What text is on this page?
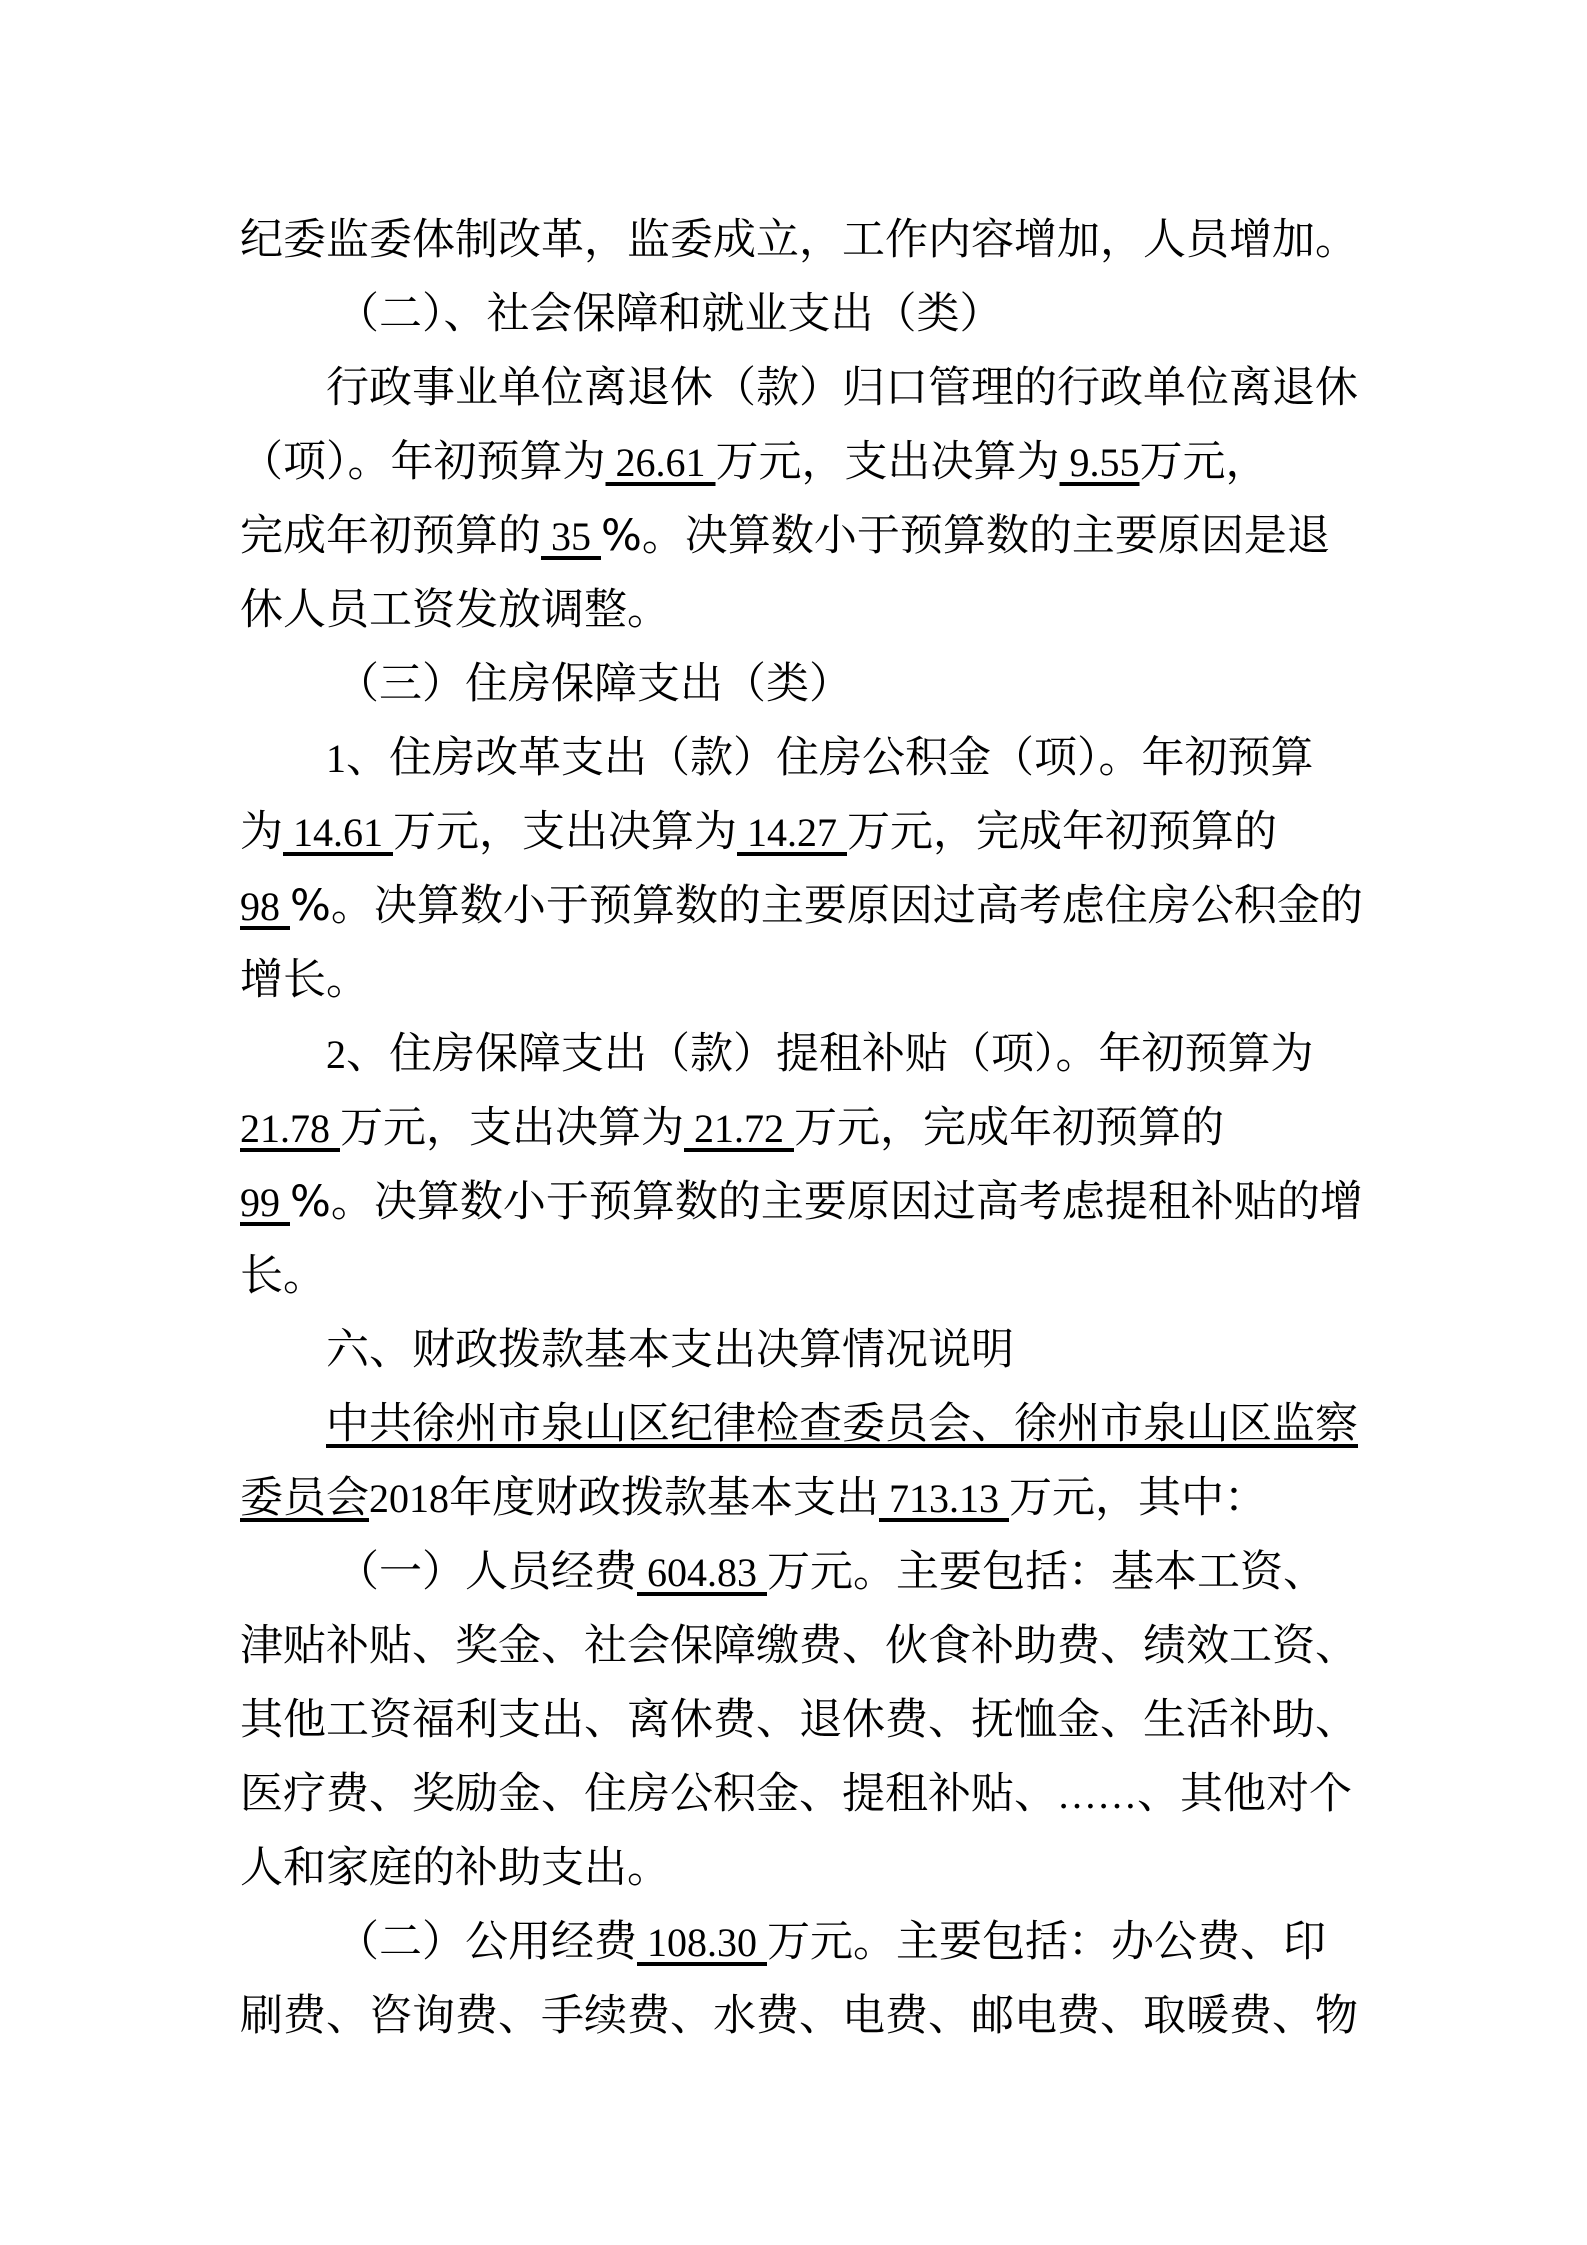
纪委监委体制改革，监委成立，工作内容增加，人员增加。
（二）、社会保障和就业支出（类）
行政事业单位离退休（款）归口管理的行政单位离退休
（项）。年初预算为 26.61 万元，支出决算为 9.55万元，
完成年初预算的 35 %。决算数小于预算数的主要原因是退
休人员工资发放调整。
（三）住房保障支出（类）
1、住房改革支出（款）住房公积金（项）。年初预算
为 14.61 万元，支出决算为 14.27 万元，完成年初预算的
98 %。决算数小于预算数的主要原因过高考虑住房公积金的
增长。
2、住房保障支出（款）提租补贴（项）。年初预算为
21.78 万元，支出决算为 21.72 万元，完成年初预算的
99 %。决算数小于预算数的主要原因过高考虑提租补贴的增
长。
六、财政拨款基本支出决算情况说明
中共徐州市泉山区纪律检查委员会、徐州市泉山区监察
委员会2018年度财政拨款基本支出 713.13 万元，其中：
（一）人员经费 604.83 万元。主要包括：基本工资、
津贴补贴、奖金、社会保障缴费、伙食补助费、绩效工资、
其他工资福利支出、离休费、退休费、抚恤金、生活补助、
医疗费、奖励金、住房公积金、提租补贴、……、其他对个
人和家庭的补助支出。
（二）公用经费 108.30 万元。主要包括：办公费、印
刷费、咨询费、手续费、水费、电费、邮电费、取暖费、物
